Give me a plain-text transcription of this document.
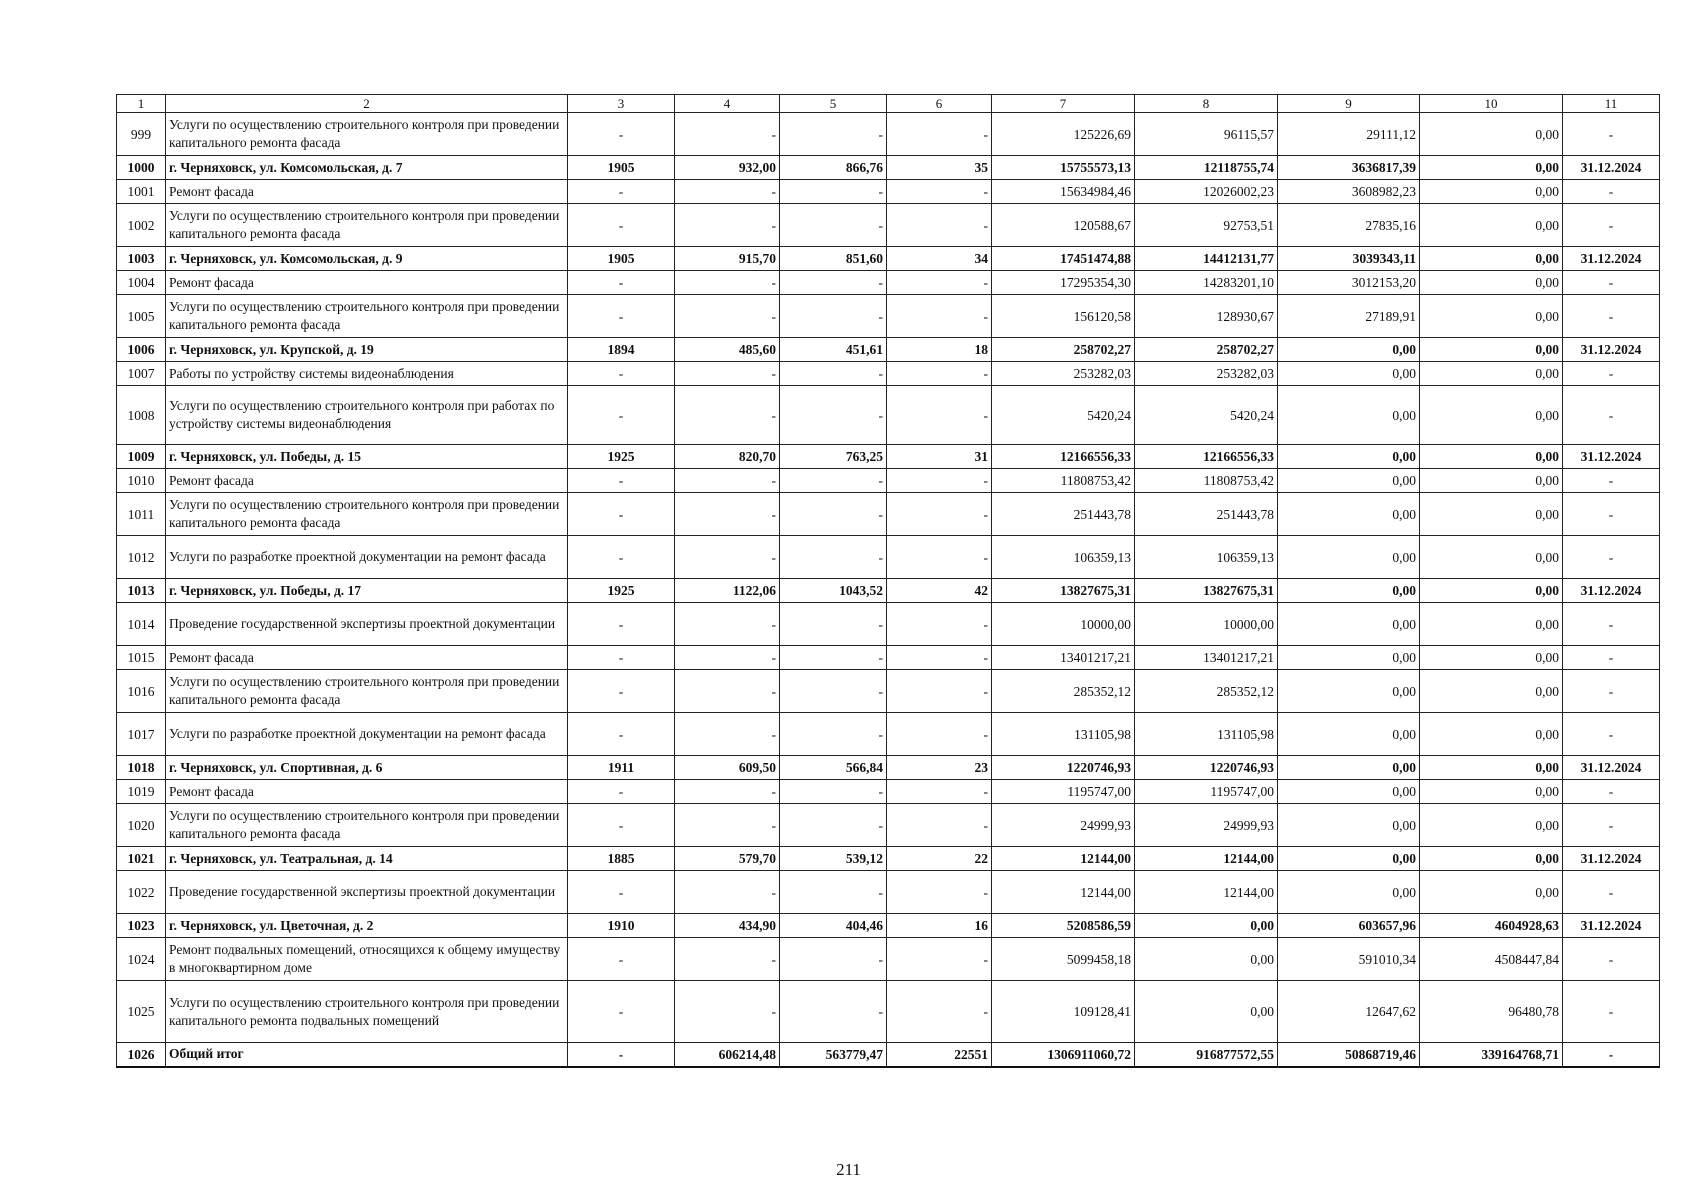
1	2	3	4	5	6	7	8	9	10	11
999	Услуги по осуществлению строительного контроля при проведении капитального ремонта фасада	-	-	-	-	125226,69	96115,57	29111,12	0,00	-
1000	г. Черняховск, ул. Комсомольская, д. 7	1905	932,00	866,76	35	15755573,13	12118755,74	3636817,39	0,00	31.12.2024
1001	Ремонт фасада	-	-	-	-	15634984,46	12026002,23	3608982,23	0,00	-
1002	Услуги по осуществлению строительного контроля при проведении капитального ремонта фасада	-	-	-	-	120588,67	92753,51	27835,16	0,00	-
1003	г. Черняховск, ул. Комсомольская, д. 9	1905	915,70	851,60	34	17451474,88	14412131,77	3039343,11	0,00	31.12.2024
1004	Ремонт фасада	-	-	-	-	17295354,30	14283201,10	3012153,20	0,00	-
1005	Услуги по осуществлению строительного контроля при проведении капитального ремонта фасада	-	-	-	-	156120,58	128930,67	27189,91	0,00	-
1006	г. Черняховск, ул. Крупской, д. 19	1894	485,60	451,61	18	258702,27	258702,27	0,00	0,00	31.12.2024
1007	Работы по устройству системы видеонаблюдения	-	-	-	-	253282,03	253282,03	0,00	0,00	-
1008	Услуги по осуществлению строительного контроля при работах по устройству системы видеонаблюдения	-	-	-	-	5420,24	5420,24	0,00	0,00	-
1009	г. Черняховск, ул. Победы, д. 15	1925	820,70	763,25	31	12166556,33	12166556,33	0,00	0,00	31.12.2024
1010	Ремонт фасада	-	-	-	-	11808753,42	11808753,42	0,00	0,00	-
1011	Услуги по осуществлению строительного контроля при проведении капитального ремонта фасада	-	-	-	-	251443,78	251443,78	0,00	0,00	-
1012	Услуги по разработке проектной документации на ремонт фасада	-	-	-	-	106359,13	106359,13	0,00	0,00	-
1013	г. Черняховск, ул. Победы, д. 17	1925	1122,06	1043,52	42	13827675,31	13827675,31	0,00	0,00	31.12.2024
1014	Проведение государственной экспертизы проектной документации	-	-	-	-	10000,00	10000,00	0,00	0,00	-
1015	Ремонт фасада	-	-	-	-	13401217,21	13401217,21	0,00	0,00	-
1016	Услуги по осуществлению строительного контроля при проведении капитального ремонта фасада	-	-	-	-	285352,12	285352,12	0,00	0,00	-
1017	Услуги по разработке проектной документации на ремонт фасада	-	-	-	-	131105,98	131105,98	0,00	0,00	-
1018	г. Черняховск, ул. Спортивная, д. 6	1911	609,50	566,84	23	1220746,93	1220746,93	0,00	0,00	31.12.2024
1019	Ремонт фасада	-	-	-	-	1195747,00	1195747,00	0,00	0,00	-
1020	Услуги по осуществлению строительного контроля при проведении капитального ремонта фасада	-	-	-	-	24999,93	24999,93	0,00	0,00	-
1021	г. Черняховск, ул. Театральная, д. 14	1885	579,70	539,12	22	12144,00	12144,00	0,00	0,00	31.12.2024
1022	Проведение государственной экспертизы проектной документации	-	-	-	-	12144,00	12144,00	0,00	0,00	-
1023	г. Черняховск, ул. Цветочная, д. 2	1910	434,90	404,46	16	5208586,59	0,00	603657,96	4604928,63	31.12.2024
1024	Ремонт подвальных помещений, относящихся к общему имуществу в многоквартирном доме	-	-	-	-	5099458,18	0,00	591010,34	4508447,84	-
1025	Услуги по осуществлению строительного контроля при проведении капитального ремонта подвальных помещений	-	-	-	-	109128,41	0,00	12647,62	96480,78	-
1026	Общий итог	-	606214,48	563779,47	22551	1306911060,72	916877572,55	50868719,46	339164768,71	-
211
